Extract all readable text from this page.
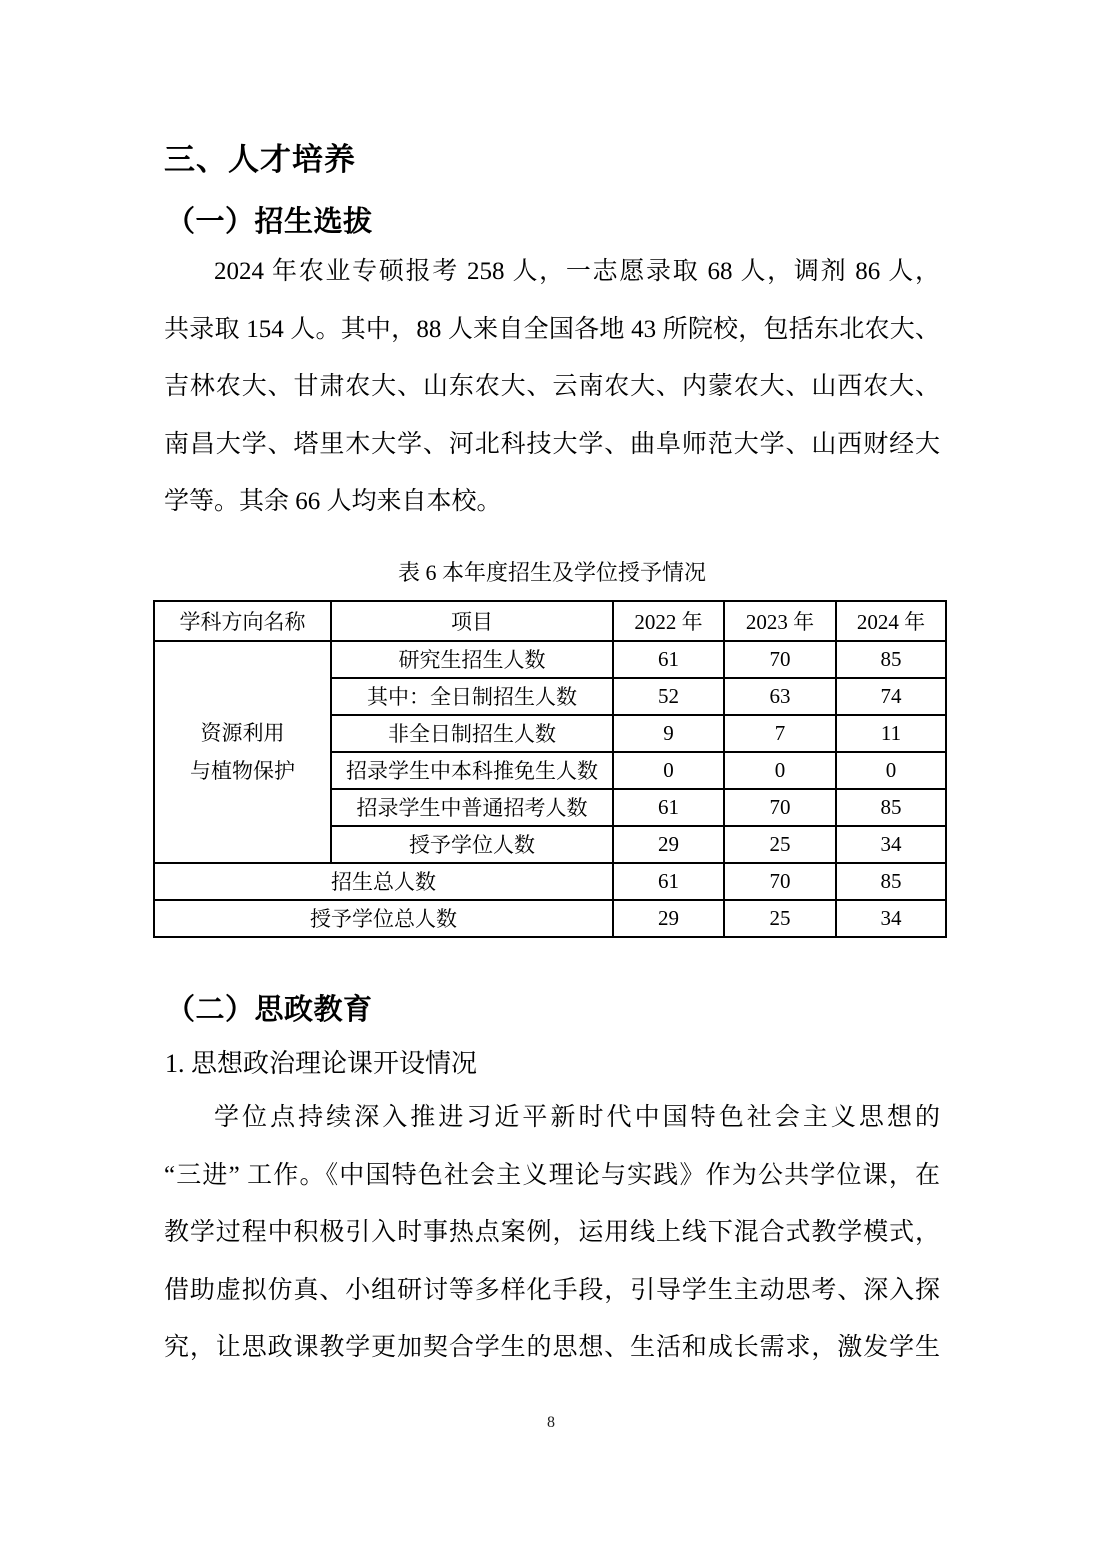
三、人才培养
（一）招生选拔
2024 年农业专硕报考 258 人，一志愿录取 68 人，调剂 86 人，
共录取 154 人。其中，88 人来自全国各地 43 所院校，包括东北农大、
吉林农大、甘肃农大、山东农大、云南农大、内蒙农大、山西农大、
南昌大学、塔里木大学、河北科技大学、曲阜师范大学、山西财经大
学等。其余 66 人均来自本校。
表 6 本年度招生及学位授予情况
学科方向名称	项目	2022 年	2023 年	2024 年

资源利用
与植物保护	研究生招生人数	61	70	85
	其中：全日制招生人数	52	63	74
	非全日制招生人数	9	7	11
	招录学生中本科推免生人数	0	0	0
	招录学生中普通招考人数	61	70	85
	授予学位人数	29	25	34
招生总人数		61	70	85
授予学位总人数		29	25	34
（二）思政教育
1. 思想政治理论课开设情况
学位点持续深入推进习近平新时代中国特色社会主义思想的
“三进” 工作。《中国特色社会主义理论与实践》作为公共学位课，在
教学过程中积极引入时事热点案例，运用线上线下混合式教学模式，
借助虚拟仿真、小组研讨等多样化手段，引导学生主动思考、深入探
究，让思政课教学更加契合学生的思想、生活和成长需求，激发学生
8
